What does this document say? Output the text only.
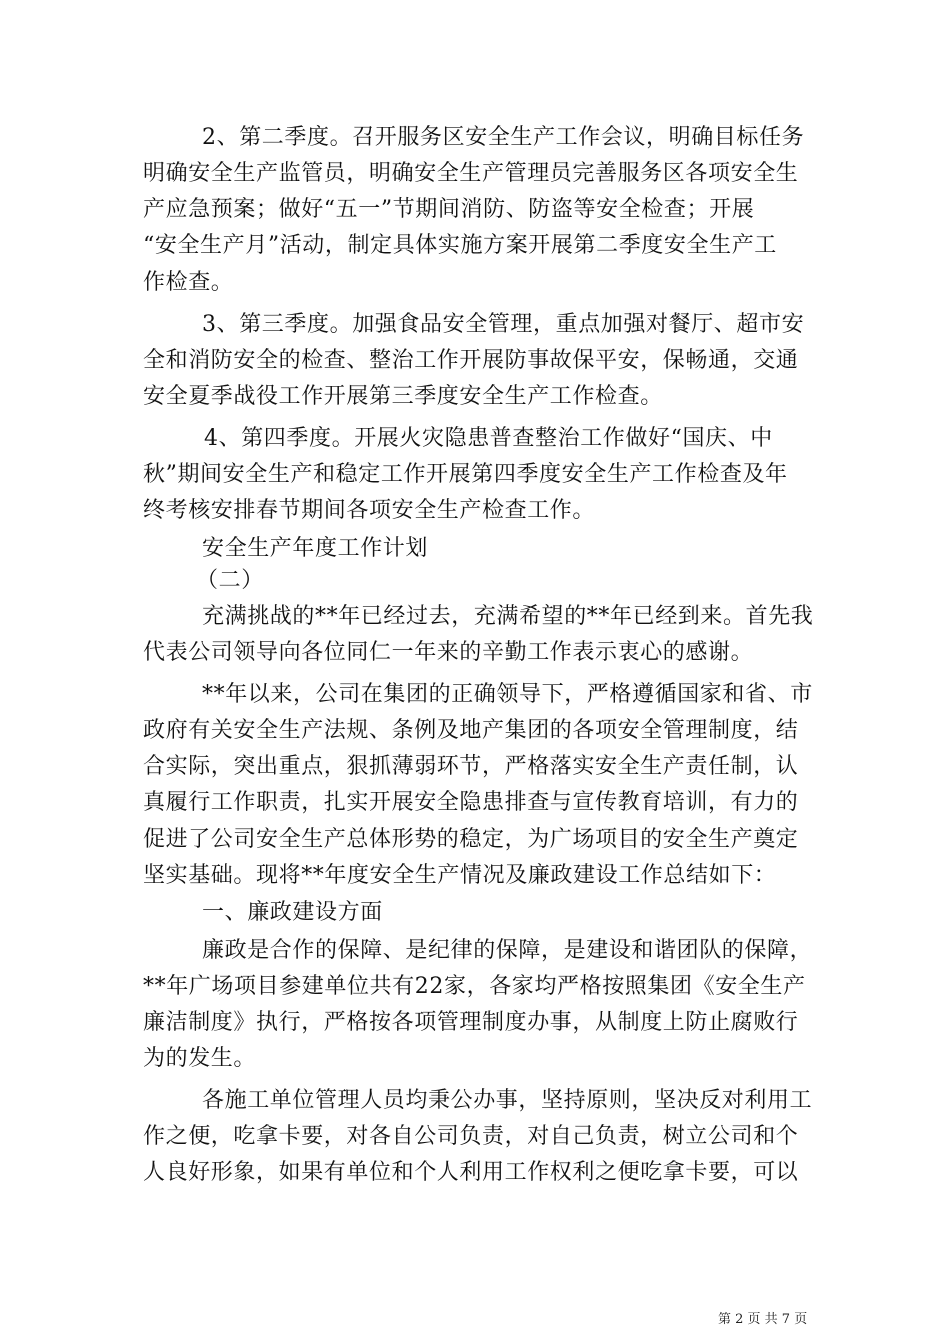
2、第二季度。召开服务区安全生产工作会议，明确目标任务
明确安全生产监管员，明确安全生产管理员完善服务区各项安全生
产应急预案；做好“五一”节期间消防、防盗等安全检查；开展
“安全生产月”活动，制定具体实施方案开展第二季度安全生产工
作检查。
3、第三季度。加强食品安全管理，重点加强对餐厅、超市安
全和消防安全的检查、整治工作开展防事故保平安，保畅通，交通
安全夏季战役工作开展第三季度安全生产工作检查。
4、第四季度。开展火灾隐患普查整治工作做好“国庆、中
秋”期间安全生产和稳定工作开展第四季度安全生产工作检查及年
终考核安排春节期间各项安全生产检查工作。
安全生产年度工作计划
（二）
充满挑战的**年已经过去，充满希望的**年已经到来。首先我
代表公司领导向各位同仁一年来的辛勤工作表示衷心的感谢。
**年以来，公司在集团的正确领导下，严格遵循国家和省、市
政府有关安全生产法规、条例及地产集团的各项安全管理制度，结
合实际，突出重点，狠抓薄弱环节，严格落实安全生产责任制，认
真履行工作职责，扎实开展安全隐患排查与宣传教育培训，有力的
促进了公司安全生产总体形势的稳定，为广场项目的安全生产奠定
坚实基础。现将**年度安全生产情况及廉政建设工作总结如下：
一、廉政建设方面
廉政是合作的保障、是纪律的保障，是建设和谐团队的保障，
**年广场项目参建单位共有22家，各家均严格按照集团《安全生产
廉洁制度》执行，严格按各项管理制度办事，从制度上防止腐败行
为的发生。
各施工单位管理人员均秉公办事，坚持原则，坚决反对利用工
作之便，吃拿卡要，对各自公司负责，对自己负责，树立公司和个
人良好形象，如果有单位和个人利用工作权利之便吃拿卡要，可以
第 2 页 共 7 页
